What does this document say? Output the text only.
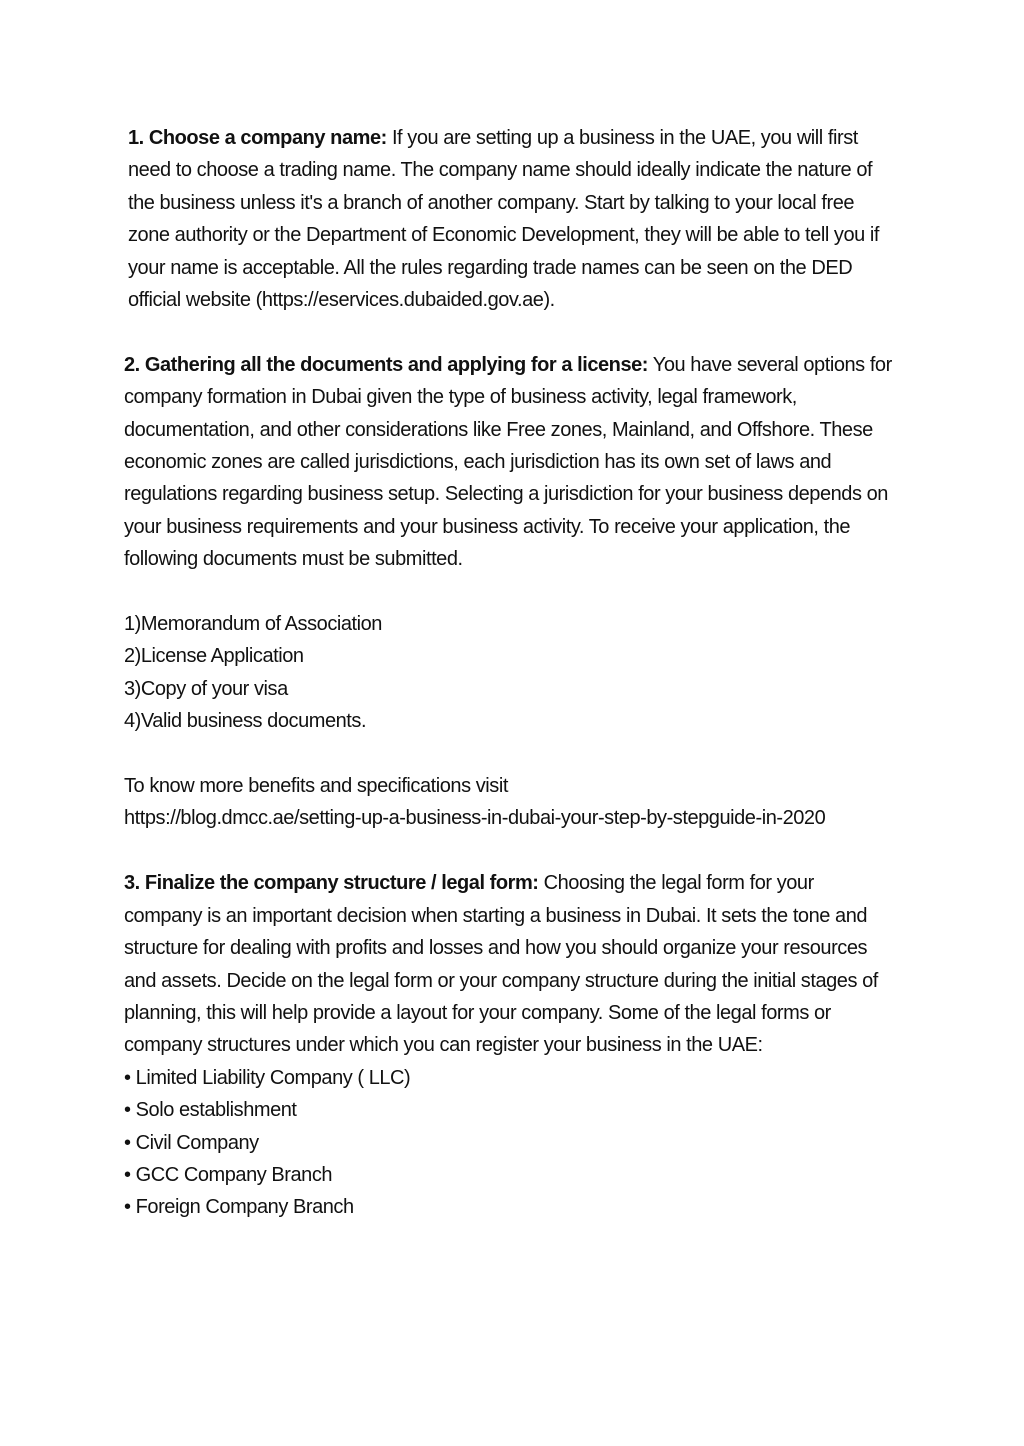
1. Choose a company name: If you are setting up a business in the UAE, you will first need to choose a trading name. The company name should ideally indicate the nature of the business unless it's a branch of another company. Start by talking to your local free zone authority or the Department of Economic Development, they will be able to tell you if your name is acceptable. All the rules regarding trade names can be seen on the DED official website (https://eservices.dubaided.gov.ae).

2. Gathering all the documents and applying for a license: You have several options for company formation in Dubai given the type of business activity, legal framework, documentation, and other considerations like Free zones, Mainland, and Offshore. These economic zones are called jurisdictions, each jurisdiction has its own set of laws and regulations regarding business setup. Selecting a jurisdiction for your business depends on your business requirements and your business activity. To receive your application, the following documents must be submitted.

1)Memorandum of Association
2)License Application
3)Copy of your visa
4)Valid business documents.
To know more benefits and specifications visit
https://blog.dmcc.ae/setting-up-a-business-in-dubai-your-step-by-stepguide-in-2020

3. Finalize the company structure / legal form: Choosing the legal form for your company is an important decision when starting a business in Dubai. It sets the tone and structure for dealing with profits and losses and how you should organize your resources and assets. Decide on the legal form or your company structure during the initial stages of planning, this will help provide a layout for your company. Some of the legal forms or company structures under which you can register your business in the UAE:

• Limited Liability Company ( LLC)
• Solo establishment
• Civil Company
• GCC Company Branch
• Foreign Company Branch
